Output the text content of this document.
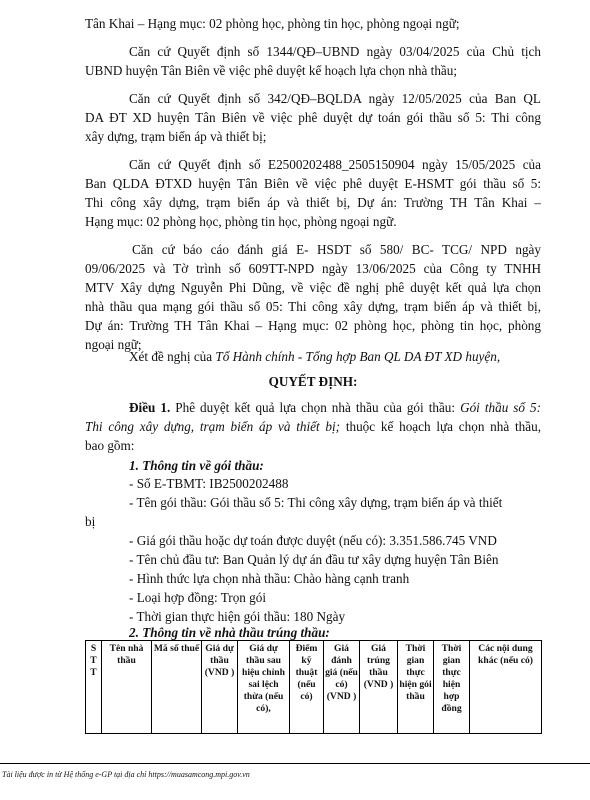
Tân Khai – Hạng mục: 02 phòng học, phòng tin học, phòng ngoại ngữ;
Căn cứ Quyết định số 1344/QĐ–UBND ngày 03/04/2025 của Chủ tịch
UBND huyện Tân Biên về việc phê duyệt kế hoạch lựa chọn nhà thầu;
Căn cứ Quyết định số 342/QĐ–BQLDA ngày 12/05/2025 của Ban QL
DA ĐT XD huyện Tân Biên về việc phê duyệt dự toán gói thầu số 5: Thi công
xây dựng, trạm biến áp và thiết bị;
Căn cứ Quyết định số E2500202488_2505150904 ngày 15/05/2025 của
Ban QLDA ĐTXD huyện Tân Biên về việc phê duyệt E-HSMT gói thầu số 5:
Thi công xây dựng, trạm biến áp và thiết bị, Dự án: Trường TH Tân Khai –
Hạng mục: 02 phòng học, phòng tin học, phòng ngoại ngữ.
Căn cứ báo cáo đánh giá E- HSDT số 580/ BC- TCG/ NPD ngày
09/06/2025 và Tờ trình số 609TT-NPD ngày 13/06/2025 của Công ty TNHH
MTV Xây dựng Nguyễn Phi Dũng, về việc đề nghị phê duyệt kết quả lựa chọn
nhà thầu qua mạng gói thầu số 05: Thi công xây dựng, trạm biến áp và thiết bị,
Dự án: Trường TH Tân Khai – Hạng mục: 02 phòng học, phòng tin học, phòng
ngoại ngữ;
Xét đề nghị của Tổ Hành chính - Tổng hợp Ban QL DA ĐT XD huyện,
QUYẾT ĐỊNH:
Điều 1. Phê duyệt kết quả lựa chọn nhà thầu của gói thầu: Gói thầu số 5:
Thi công xây dựng, trạm biến áp và thiết bị; thuộc kế hoạch lựa chọn nhà thầu,
bao gồm:
1. Thông tin về gói thầu:
- Số E-TBMT: IB2500202488
- Tên gói thầu: Gói thầu số 5: Thi công xây dựng, trạm biến áp và thiết
bị
- Giá gói thầu hoặc dự toán được duyệt (nếu có): 3.351.586.745 VND
- Tên chủ đầu tư: Ban Quản lý dự án đầu tư xây dựng huyện Tân Biên
- Hình thức lựa chọn nhà thầu: Chào hàng cạnh tranh
- Loại hợp đồng: Trọn gói
- Thời gian thực hiện gói thầu: 180 Ngày
2. Thông tin về nhà thầu trúng thầu:
S T T	Tên nhà thầu	Mã số thuế	Giá dự thầu (VND )	Giá dự thầu sau hiệu chỉnh sai lệch thừa (nếu có),	Điểm kỹ thuật (nếu có)	Giá đánh giá (nếu có) (VND )	Giá trúng thầu (VND )	Thời gian thực hiện gói thầu	Thời gian thực hiện hợp đồng	Các nội dung khác (nếu có)
Tài liệu được in từ Hệ thống e-GP tại địa chỉ https://muasamcong.mpi.gov.vn
